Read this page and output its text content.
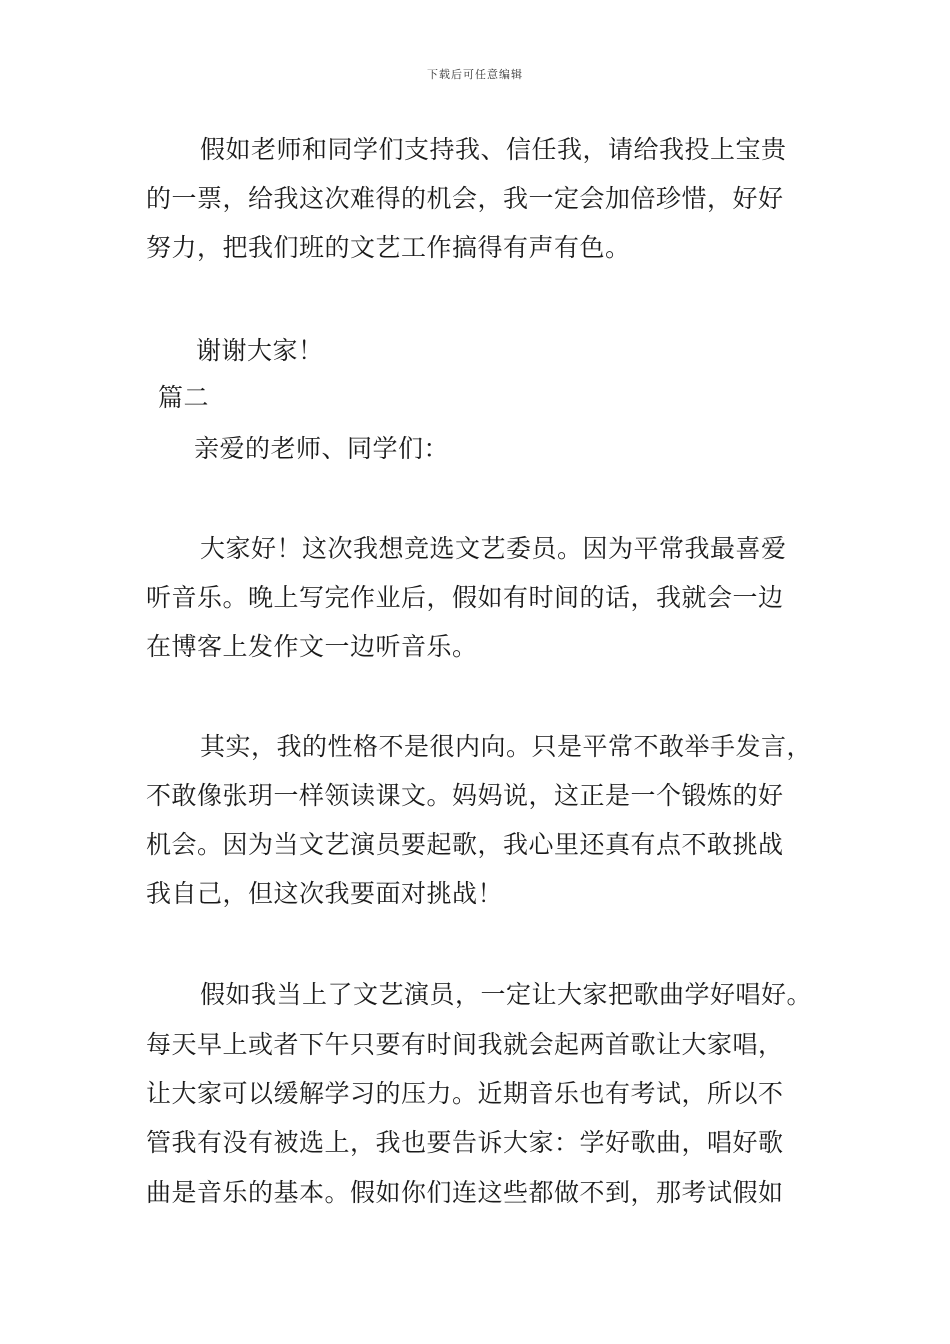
下载后可任意编辑
假如老师和同学们支持我、信任我，请给我投上宝贵
的一票，给我这次难得的机会，我一定会加倍珍惜，好好
努力，把我们班的文艺工作搞得有声有色。
谢谢大家！
篇二
亲爱的老师、同学们：
大家好！这次我想竞选文艺委员。因为平常我最喜爱
听音乐。晚上写完作业后，假如有时间的话，我就会一边
在博客上发作文一边听音乐。
其实，我的性格不是很内向。只是平常不敢举手发言，
不敢像张玥一样领读课文。妈妈说，这正是一个锻炼的好
机会。因为当文艺演员要起歌，我心里还真有点不敢挑战
我自己，但这次我要面对挑战！
假如我当上了文艺演员，一定让大家把歌曲学好唱好。
每天早上或者下午只要有时间我就会起两首歌让大家唱，
让大家可以缓解学习的压力。近期音乐也有考试，所以不
管我有没有被选上，我也要告诉大家：学好歌曲，唱好歌
曲是音乐的基本。假如你们连这些都做不到，那考试假如
